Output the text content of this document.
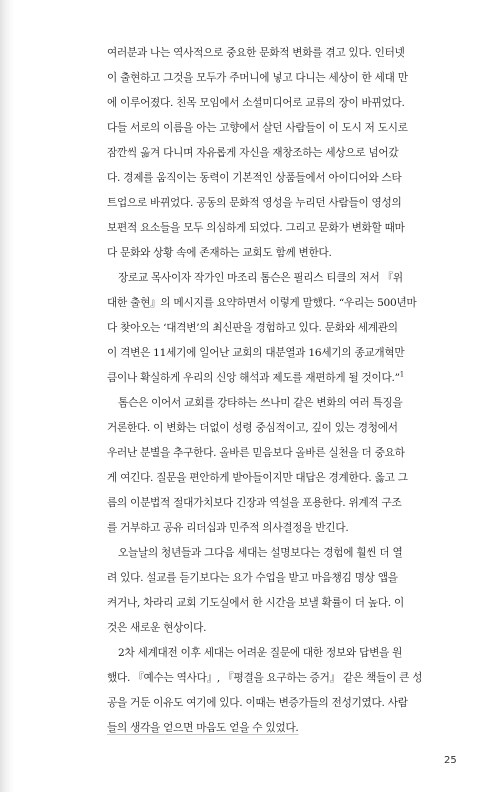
여러분과 나는 역사적으로 중요한 문화적 변화를 겪고 있다. 인터넷
이 출현하고 그것을 모두가 주머니에 넣고 다니는 세상이 한 세대 만
에 이루어졌다. 친목 모임에서 소셜미디어로 교류의 장이 바뀌었다.
다들 서로의 이름을 아는 고향에서 살던 사람들이 이 도시 저 도시로
잠깐씩 옮겨 다니며 자유롭게 자신을 재창조하는 세상으로 넘어갔
다. 경제를 움직이는 동력이 기본적인 상품들에서 아이디어와 스타
트업으로 바뀌었다. 공동의 문화적 영성을 누리던 사람들이 영성의
보편적 요소들을 모두 의심하게 되었다. 그리고 문화가 변화할 때마
다 문화와 상황 속에 존재하는 교회도 함께 변한다.
장로교 목사이자 작가인 마조리 톰슨은 필리스 티클의 저서 『위
대한 출현』의 메시지를 요약하면서 이렇게 말했다. “우리는 500년마
다 찾아오는 ‘대격변’의 최신판을 경험하고 있다. 문화와 세계관의
이 격변은 11세기에 일어난 교회의 대분열과 16세기의 종교개혁만
큼이나 확실하게 우리의 신앙 해석과 제도를 재편하게 될 것이다.”$^1$
톰슨은 이어서 교회를 강타하는 쓰나미 같은 변화의 여러 특징을
거론한다. 이 변화는 더없이 성령 중심적이고, 깊이 있는 경청에서
우러난 분별을 추구한다. 올바른 믿음보다 올바른 실천을 더 중요하
게 여긴다. 질문을 편안하게 받아들이지만 대답은 경계한다. 옳고 그
름의 이분법적 절대가치보다 긴장과 역설을 포용한다. 위계적 구조
를 거부하고 공유 리더십과 민주적 의사결정을 반긴다.
오늘날의 청년들과 그다음 세대는 설명보다는 경험에 훨씬 더 열
려 있다. 설교를 듣기보다는 요가 수업을 받고 마음챙김 명상 앱을
켜거나, 차라리 교회 기도실에서 한 시간을 보낼 확률이 더 높다. 이
것은 새로운 현상이다.
2차 세계대전 이후 세대는 어려운 질문에 대한 정보와 답변을 원
했다. 『예수는 역사다』, 『평결을 요구하는 증거』 같은 책들이 큰 성
공을 거둔 이유도 여기에 있다. 이때는 변증가들의 전성기였다. 사람
들의 생각을 얻으면 마음도 얻을 수 있었다.
25
